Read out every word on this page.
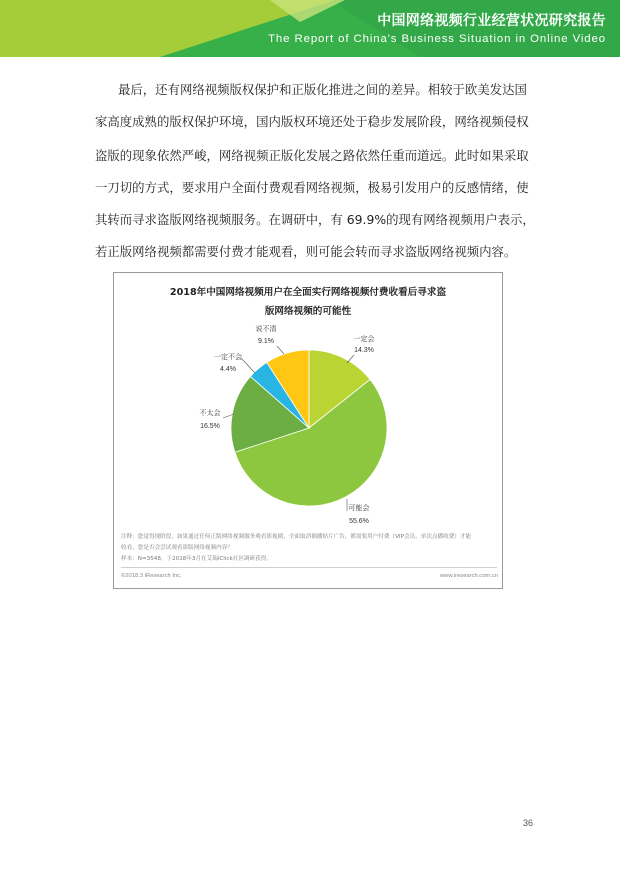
中国网络视频行业经营状况研究报告
The Report of China's Business Situation in Online Video
最后，还有网络视频版权保护和正版化推进之间的差异。相较于欧美发达国
家高度成熟的版权保护环境，国内版权环境还处于稳步发展阶段，网络视频侵权
盗版的现象依然严峻，网络视频正版化发展之路依然任重而道远。此时如果采取
一刀切的方式，要求用户全面付费观看网络视频，极易引发用户的反感情绪，使
其转而寻求盗版网络视频服务。在调研中，有 69.9%的现有网络视频用户表示，
若正版网络视频都需要付费才能观看，则可能会转而寻求盗版网络视频内容。
2018年中国网络视频用户在全面实行网络视频付费收看后寻求盗
版网络视频的可能性
一定会
14.3%
可能会
55.6%
不太会
16.5%
一定不会
4.4%
说不清
9.1%
注释：您觉得现阶段，如果通过任何正版网络视频服务观看影视剧，全面取消插播贴片广告，都需要用户付费（VIP会员、单次点播收费）才能
收看，您是否会尝试观看盗版网络视频内容？
样本：N=3548，于2018年3月在艾瑞iClick社区调研获得。
©2018.3 iResearch Inc.	www.iresearch.com.cn
36
